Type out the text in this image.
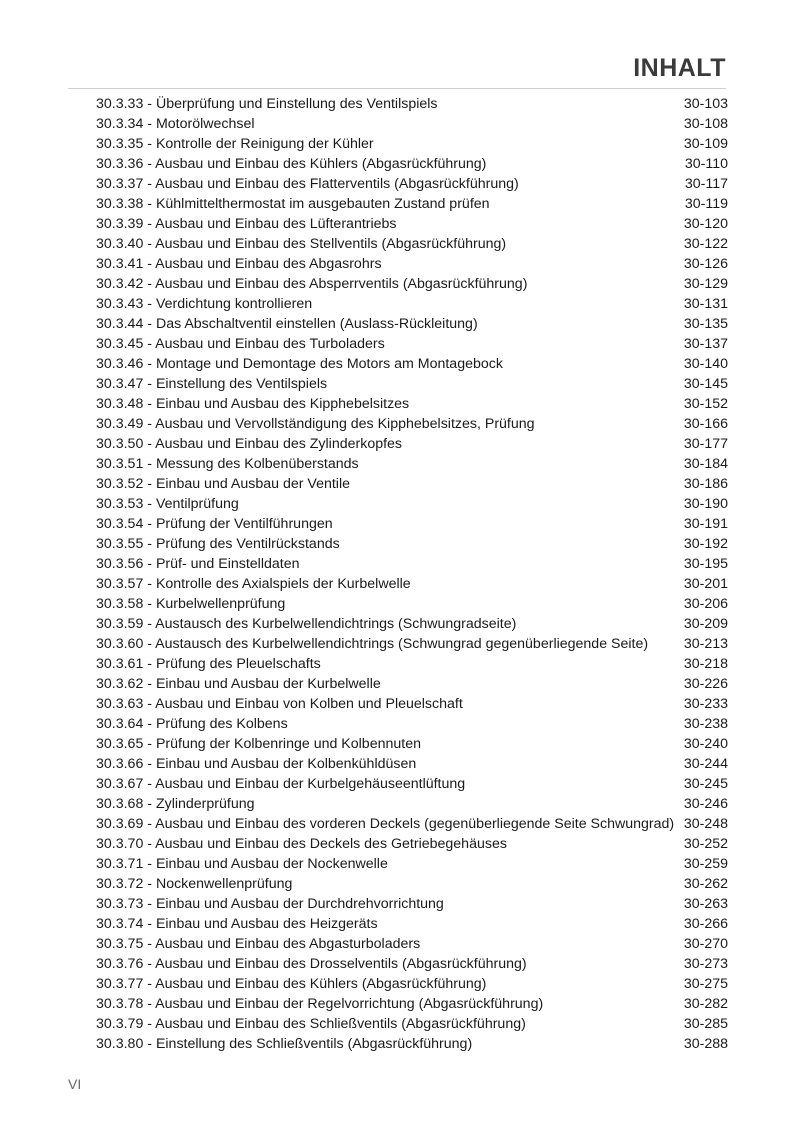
INHALT
30.3.33 - Überprüfung und Einstellung des Ventilspiels	30-103
30.3.34 - Motorölwechsel	30-108
30.3.35 - Kontrolle der Reinigung der Kühler	30-109
30.3.36 - Ausbau und Einbau des Kühlers (Abgasrückführung)	30-110
30.3.37 - Ausbau und Einbau des Flatterventils (Abgasrückführung)	30-117
30.3.38 - Kühlmittelthermostat im ausgebauten Zustand prüfen	30-119
30.3.39 - Ausbau und Einbau des Lüfterantriebs	30-120
30.3.40 - Ausbau und Einbau des Stellventils (Abgasrückführung)	30-122
30.3.41 - Ausbau und Einbau des Abgasrohrs	30-126
30.3.42 - Ausbau und Einbau des Absperrventils (Abgasrückführung)	30-129
30.3.43 - Verdichtung kontrollieren	30-131
30.3.44 - Das Abschaltventil einstellen (Auslass-Rückleitung)	30-135
30.3.45 - Ausbau und Einbau des Turboladers	30-137
30.3.46 - Montage und Demontage des Motors am Montagebock	30-140
30.3.47 - Einstellung des Ventilspiels	30-145
30.3.48 - Einbau und Ausbau des Kipphebelsitzes	30-152
30.3.49 - Ausbau und Vervollständigung des Kipphebelsitzes, Prüfung	30-166
30.3.50 - Ausbau und Einbau des Zylinderkopfes	30-177
30.3.51 - Messung des Kolbenüberstands	30-184
30.3.52 - Einbau und Ausbau der Ventile	30-186
30.3.53 - Ventilprüfung	30-190
30.3.54 - Prüfung der Ventilführungen	30-191
30.3.55 - Prüfung des Ventilrückstands	30-192
30.3.56 - Prüf- und Einstelldaten	30-195
30.3.57 - Kontrolle des Axialspiels der Kurbelwelle	30-201
30.3.58 - Kurbelwellenprüfung	30-206
30.3.59 - Austausch des Kurbelwellendichtrings (Schwungradseite)	30-209
30.3.60 - Austausch des Kurbelwellendichtrings (Schwungrad gegenüberliegende Seite)	30-213
30.3.61 - Prüfung des Pleuelschafts	30-218
30.3.62 - Einbau und Ausbau der Kurbelwelle	30-226
30.3.63 - Ausbau und Einbau von Kolben und Pleuelschaft	30-233
30.3.64 - Prüfung des Kolbens	30-238
30.3.65 - Prüfung der Kolbenringe und Kolbennuten	30-240
30.3.66 - Einbau und Ausbau der Kolbenkühldüsen	30-244
30.3.67 - Ausbau und Einbau der Kurbelgehäuseentlüftung	30-245
30.3.68 - Zylinderprüfung	30-246
30.3.69 - Ausbau und Einbau des vorderen Deckels (gegenüberliegende Seite Schwungrad) 30-248
30.3.70 - Ausbau und Einbau des Deckels des Getriebegehäuses	30-252
30.3.71 - Einbau und Ausbau der Nockenwelle	30-259
30.3.72 - Nockenwellenprüfung	30-262
30.3.73 - Einbau und Ausbau der Durchdrehvorrichtung	30-263
30.3.74 - Einbau und Ausbau des Heizgeräts	30-266
30.3.75 - Ausbau und Einbau des Abgasturboladers	30-270
30.3.76 - Ausbau und Einbau des Drosselventils (Abgasrückführung)	30-273
30.3.77 - Ausbau und Einbau des Kühlers (Abgasrückführung)	30-275
30.3.78 - Ausbau und Einbau der Regelvorrichtung (Abgasrückführung)	30-282
30.3.79 - Ausbau und Einbau des Schließventils (Abgasrückführung)	30-285
30.3.80 - Einstellung des Schließventils (Abgasrückführung)	30-288
VI
